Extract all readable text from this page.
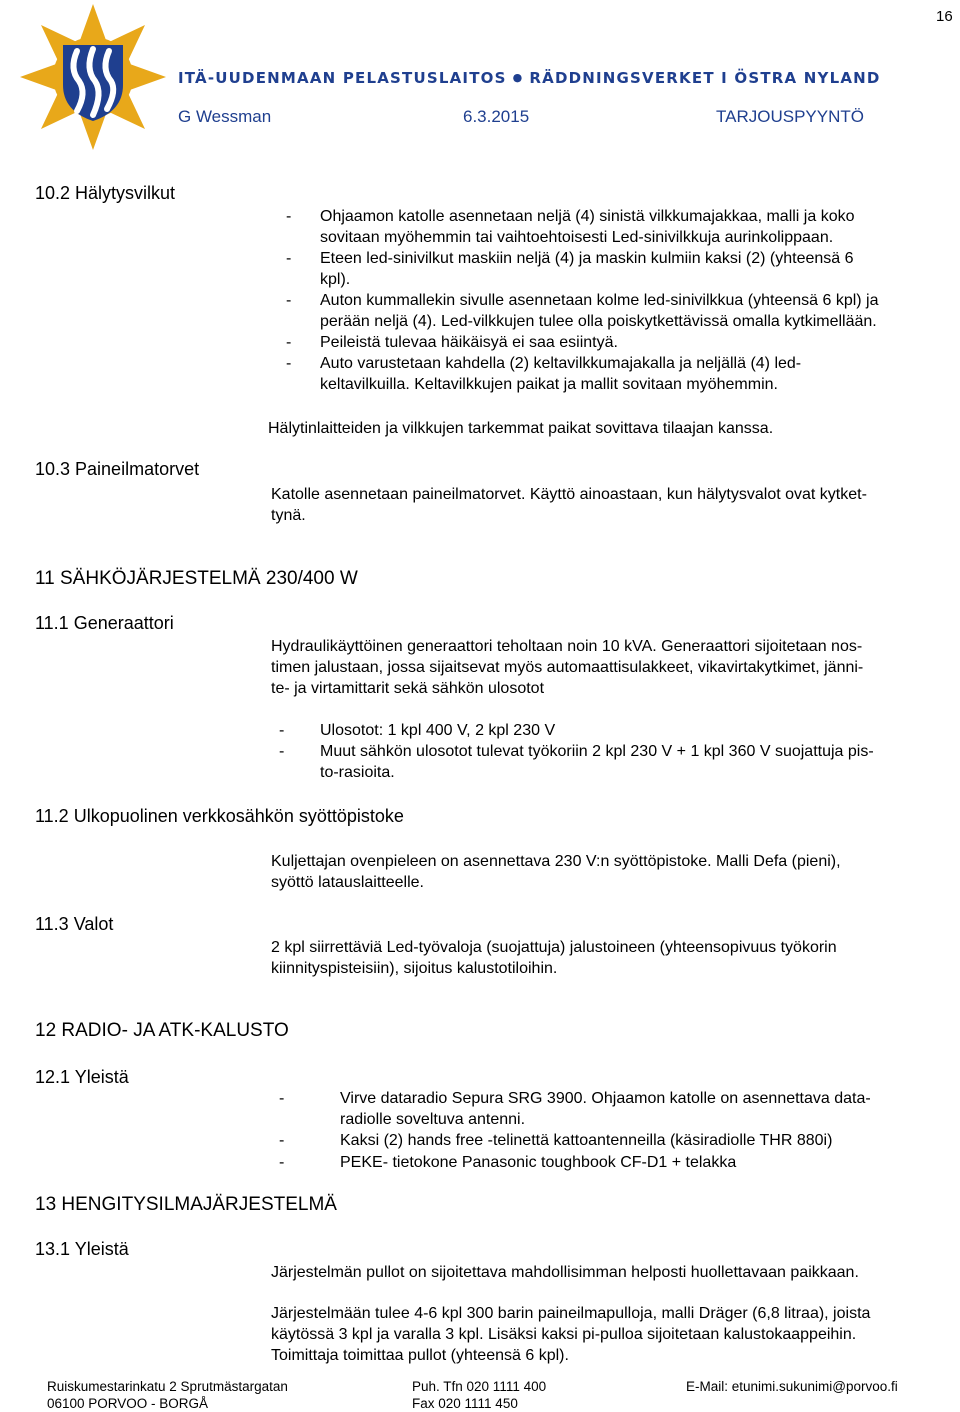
16
ITÄ-UUDENMAAN PELASTUSLAITOS ● RÄDDNINGSVERKET I ÖSTRA NYLAND
G Wessman	6.3.2015	TARJOUSPYYNTÖ
10.2 Hälytysvilkut
- Ohjaamon katolle asennetaan neljä (4) sinistä vilkkumajakkaa, malli ja koko
sovitaan myöhemmin tai vaihtoehtoisesti Led-sinivilkkuja aurinkolippaan.
- Eteen led-sinivilkut maskiin neljä (4) ja maskin kulmiin kaksi (2) (yhteensä 6
kpl).
- Auton kummallekin sivulle asennetaan kolme led-sinivilkkua (yhteensä 6 kpl) ja
perään neljä (4). Led-vilkkujen tulee olla poiskytkettävissä omalla kytkimellään.
- Peileistä tulevaa häikäisyä ei saa esiintyä.
- Auto varustetaan kahdella (2) keltavilkkumajakalla ja neljällä (4) led-
keltavilkuilla. Keltavilkkujen paikat ja mallit sovitaan myöhemmin.
Hälytinlaitteiden ja vilkkujen tarkemmat paikat sovittava tilaajan kanssa.
10.3 Paineilmatorvet
Katolle asennetaan paineilmatorvet. Käyttö ainoastaan, kun hälytysvalot ovat kytket-
tynä.
11 SÄHKÖJÄRJESTELMÄ 230/400 W
11.1 Generaattori
Hydraulikäyttöinen generaattori teholtaan noin 10 kVA. Generaattori sijoitetaan nos-
timen jalustaan, jossa sijaitsevat myös automaattisulakkeet, vikavirtakytkimet, jänni-
te- ja virtamittarit sekä sähkön ulosotot
- Ulosotot: 1 kpl 400 V, 2 kpl 230 V
- Muut sähkön ulosotot tulevat työkoriin 2 kpl 230 V + 1 kpl 360 V suojattuja pis-
to-rasioita.
11.2 Ulkopuolinen verkkosähkön syöttöpistoke
Kuljettajan ovenpieleen on asennettava 230 V:n syöttöpistoke. Malli Defa (pieni),
syöttö latauslaitteelle.
11.3 Valot
2 kpl siirrettäviä Led-työvaloja (suojattuja) jalustoineen (yhteensopivuus työkorin
kiinnityspisteisiin), sijoitus kalustotiloihin.
12 RADIO- JA ATK-KALUSTO
12.1 Yleistä
-	Virve dataradio Sepura SRG 3900. Ohjaamon katolle on asennettava data-
radiolle soveltuva antenni.
-	Kaksi (2) hands free -telinettä kattoantenneilla (käsiradiolle THR 880i)
-	PEKE- tietokone Panasonic toughbook CF-D1 + telakka
13 HENGITYSILMAJÄRJESTELMÄ
13.1 Yleistä
Järjestelmän pullot on sijoitettava mahdollisimman helposti huollettavaan paikkaan.
Järjestelmään tulee 4-6 kpl 300 barin paineilmapulloja, malli Dräger (6,8 litraa), joista
käytössä 3 kpl ja varalla 3 kpl. Lisäksi kaksi pi-pulloa sijoitetaan kalustokaappeihin.
Toimittaja toimittaa pullot (yhteensä 6 kpl).
Ruiskumestarinkatu 2 Sprutmästargatan
06100 PORVOO - BORGÅ
Puh. Tfn 020 1111 400
Fax 020 1111 450
E-Mail: etunimi.sukunimi@porvoo.fi
